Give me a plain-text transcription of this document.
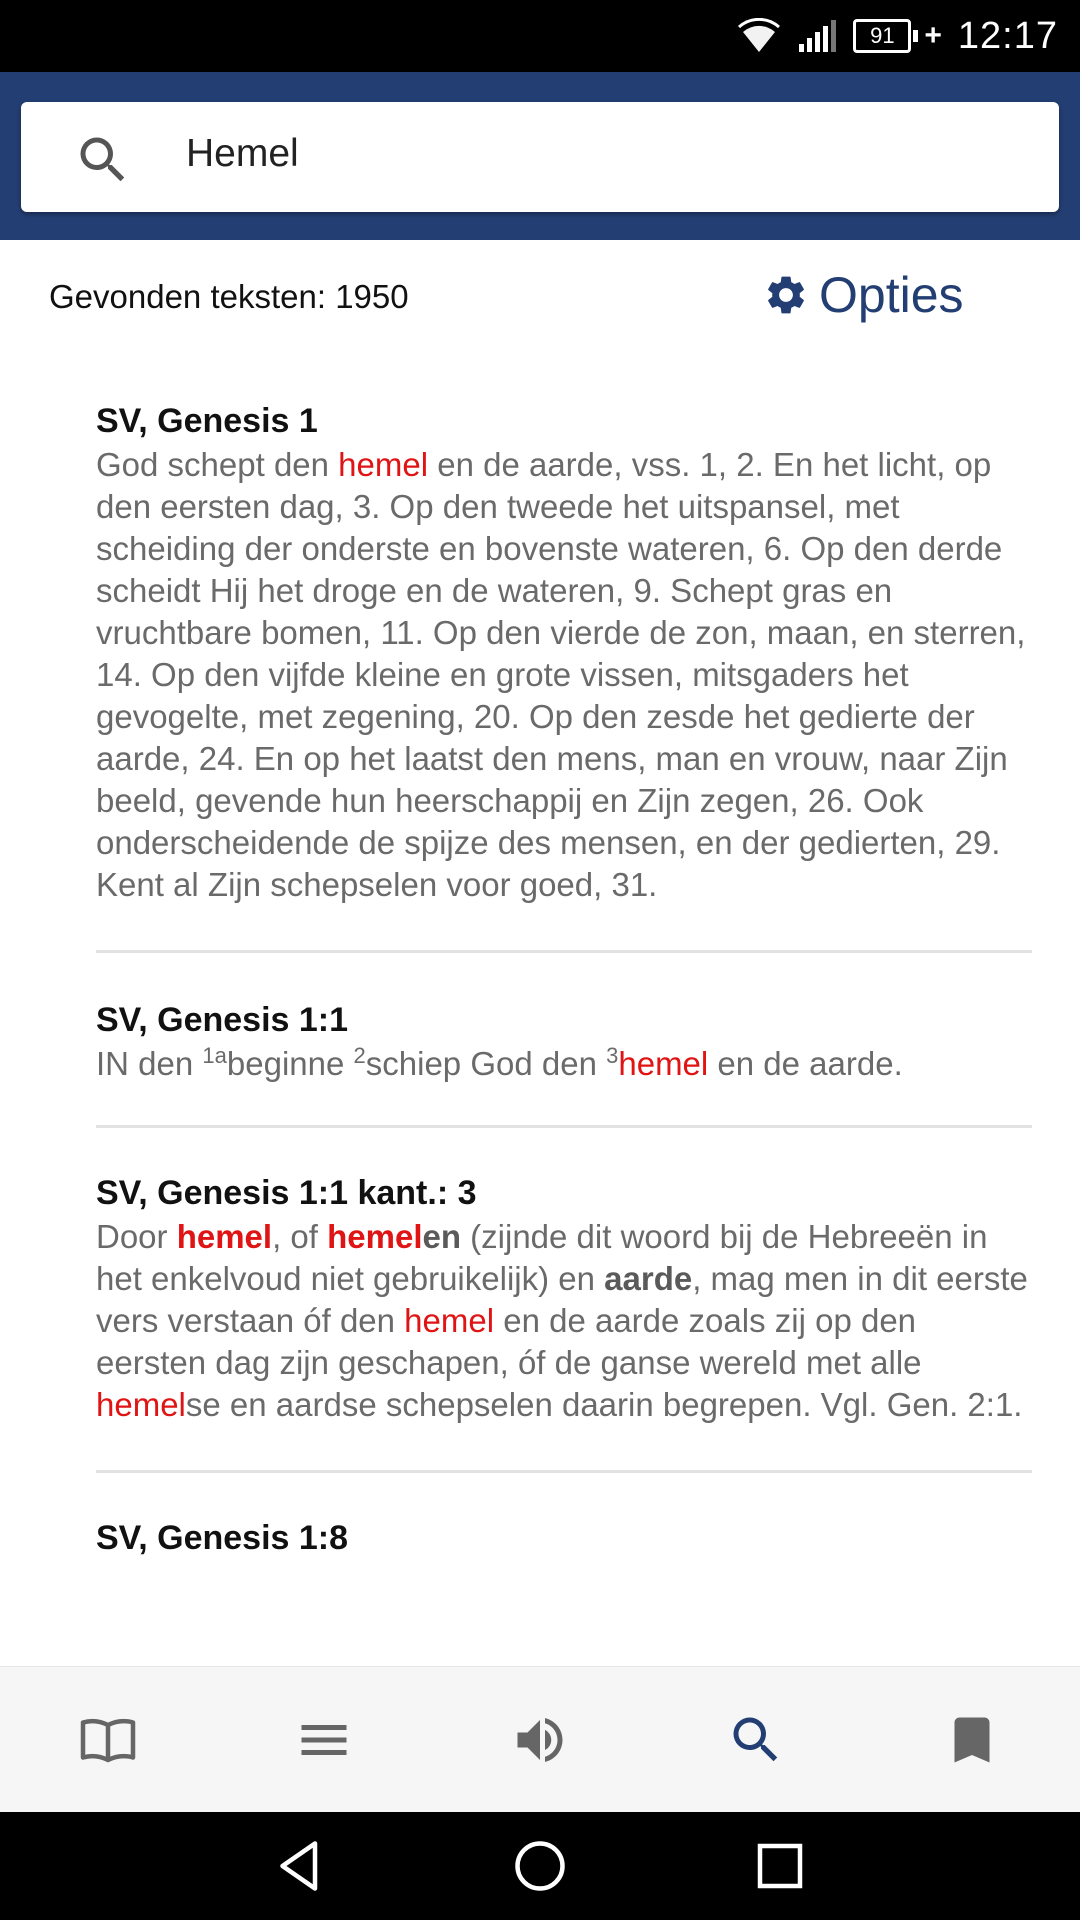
91 + 12:17
Hemel
Gevonden teksten: 1950	Opties
SV, Genesis 1

God schept den hemel en de aarde, vss. 1, 2. En het licht, op den eersten dag, 3. Op den tweede het uitspansel, met scheiding der onderste en bovenste wateren, 6. Op den derde scheidt Hij het droge en de wateren, 9. Schept gras en vruchtbare bomen, 11. Op den vierde de zon, maan, en sterren, 14. Op den vijfde kleine en grote vissen, mitsgaders het gevogelte, met zegening, 20. Op den zesde het gedierte der aarde, 24. En op het laatst den mens, man en vrouw, naar Zijn beeld, gevende hun heerschappij en Zijn zegen, 26. Ook onderscheidende de spijze des mensen, en der gedierten, 29. Kent al Zijn schepselen voor goed, 31.

SV, Genesis 1:1

IN den $^{1a}$beginne $^2$schiep God den $^3$hemel en de aarde.

SV, Genesis 1:1 kant.: 3

Door hemel, of hemelen (zijnde dit woord bij de Hebreeën in het enkelvoud niet gebruikelijk) en aarde, mag men in dit eerste vers verstaan óf den hemel en de aarde zoals zij op den eersten dag zijn geschapen, óf de ganse wereld met alle hemelse en aardse schepselen daarin begrepen. Vgl. Gen. 2:1.

SV, Genesis 1:8
